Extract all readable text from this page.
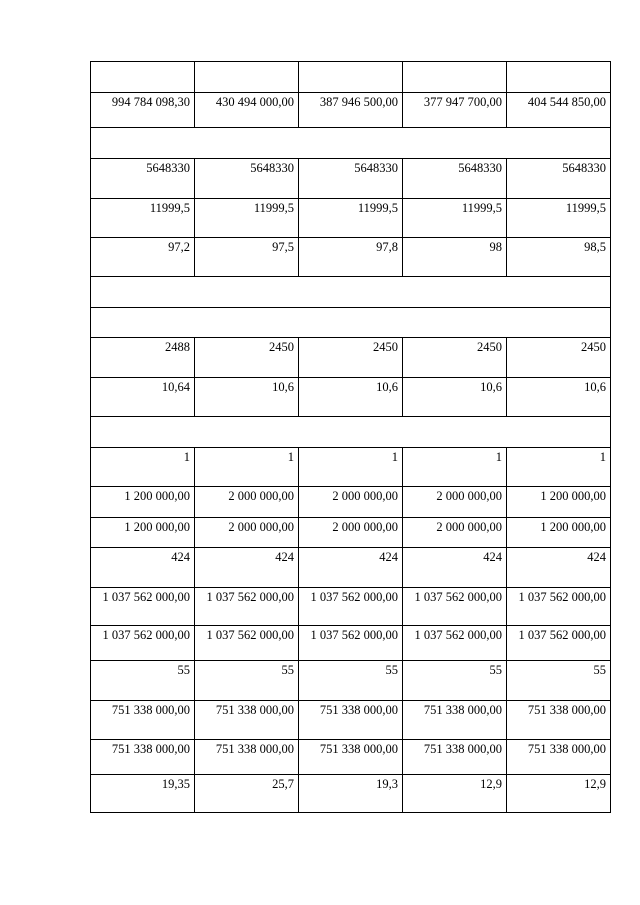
994 784 098,30	430 494 000,00	387 946 500,00	377 947 700,00	404 544 850,00

5648330	5648330	5648330	5648330	5648330
11999,5	11999,5	11999,5	11999,5	11999,5
97,2	97,5	97,8	98	98,5

2488	2450	2450	2450	2450
10,64	10,6	10,6	10,6	10,6

1	1	1	1	1
1 200 000,00	2 000 000,00	2 000 000,00	2 000 000,00	1 200 000,00
1 200 000,00	2 000 000,00	2 000 000,00	2 000 000,00	1 200 000,00
424	424	424	424	424
1 037 562 000,00	1 037 562 000,00	1 037 562 000,00	1 037 562 000,00	1 037 562 000,00
1 037 562 000,00	1 037 562 000,00	1 037 562 000,00	1 037 562 000,00	1 037 562 000,00
55	55	55	55	55
751 338 000,00	751 338 000,00	751 338 000,00	751 338 000,00	751 338 000,00
751 338 000,00	751 338 000,00	751 338 000,00	751 338 000,00	751 338 000,00
19,35	25,7	19,3	12,9	12,9
